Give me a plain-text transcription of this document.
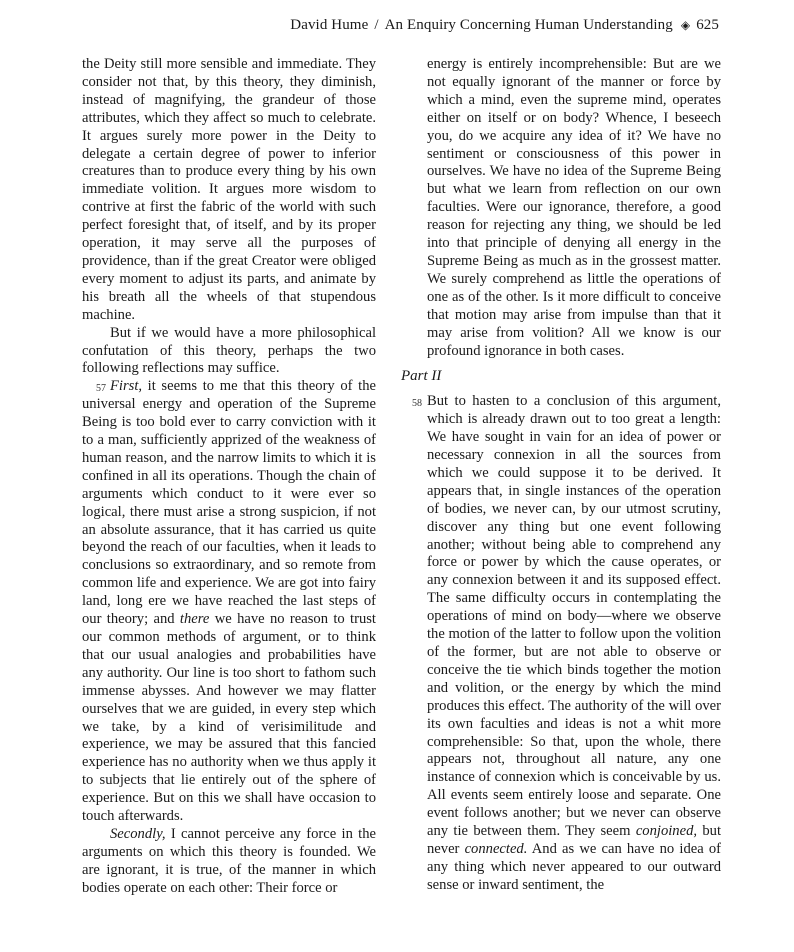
David Hume / An Enquiry Concerning Human Understanding ◈ 625

the Deity still more sensible and immediate. They consider not that, by this theory, they diminish, instead of magnifying, the grandeur of those attributes, which they affect so much to celebrate. It argues surely more power in the Deity to delegate a certain degree of power to inferior creatures than to produce every thing by his own immediate volition. It argues more wisdom to contrive at first the fabric of the world with such perfect foresight that, of itself, and by its proper operation, it may serve all the purposes of providence, than if the great Creator were obliged every moment to adjust its parts, and animate by his breath all the wheels of that stupendous machine.

But if we would have a more philosophical confutation of this theory, perhaps the two following reflections may suffice.

57 First, it seems to me that this theory of the universal energy and operation of the Supreme Being is too bold ever to carry conviction with it to a man, sufficiently apprized of the weakness of human reason, and the narrow limits to which it is confined in all its operations. Though the chain of arguments which conduct to it were ever so logical, there must arise a strong suspicion, if not an absolute assurance, that it has carried us quite beyond the reach of our faculties, when it leads to conclusions so extraordinary, and so remote from common life and experience. We are got into fairy land, long ere we have reached the last steps of our theory; and there we have no reason to trust our common methods of argument, or to think that our usual analogies and probabilities have any authority. Our line is too short to fathom such immense abysses. And however we may flatter ourselves that we are guided, in every step which we take, by a kind of verisimilitude and experience, we may be assured that this fancied experience has no authority when we thus apply it to subjects that lie entirely out of the sphere of experience. But on this we shall have occasion to touch afterwards.

Secondly, I cannot perceive any force in the arguments on which this theory is founded. We are ignorant, it is true, of the manner in which bodies operate on each other: Their force or

energy is entirely incomprehensible: But are we not equally ignorant of the manner or force by which a mind, even the supreme mind, operates either on itself or on body? Whence, I beseech you, do we acquire any idea of it? We have no sentiment or consciousness of this power in ourselves. We have no idea of the Supreme Being but what we learn from reflection on our own faculties. Were our ignorance, therefore, a good reason for rejecting any thing, we should be led into that principle of denying all energy in the Supreme Being as much as in the grossest matter. We surely comprehend as little the operations of one as of the other. Is it more difficult to conceive that motion may arise from impulse than that it may arise from volition? All we know is our profound ignorance in both cases.

Part II

58 But to hasten to a conclusion of this argument, which is already drawn out to too great a length: We have sought in vain for an idea of power or necessary connexion in all the sources from which we could suppose it to be derived. It appears that, in single instances of the operation of bodies, we never can, by our utmost scrutiny, discover any thing but one event following another; without being able to comprehend any force or power by which the cause operates, or any connexion between it and its supposed effect. The same difficulty occurs in contemplating the operations of mind on body—where we observe the motion of the latter to follow upon the volition of the former, but are not able to observe or conceive the tie which binds together the motion and volition, or the energy by which the mind produces this effect. The authority of the will over its own faculties and ideas is not a whit more comprehensible: So that, upon the whole, there appears not, throughout all nature, any one instance of connexion which is conceivable by us. All events seem entirely loose and separate. One event follows another; but we never can observe any tie between them. They seem conjoined, but never connected. And as we can have no idea of any thing which never appeared to our outward sense or inward sentiment, the
